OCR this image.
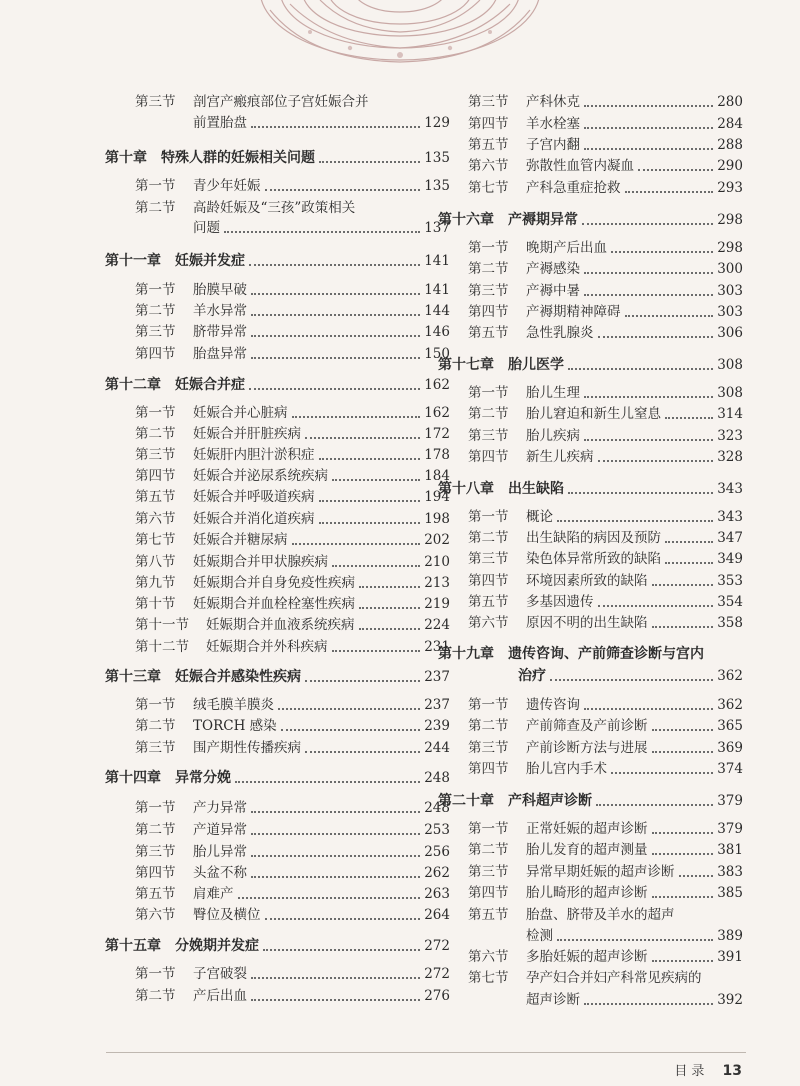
第三节 剖宫产瘢痕部位子宫妊娠合并
前置胎盘	129
第十章 特殊人群的妊娠相关问题	135
第一节 青少年妊娠	135
第二节 高龄妊娠及“三孩”政策相关
问题	137
第十一章 妊娠并发症	141
第一节 胎膜早破	141
第二节 羊水异常	144
第三节 脐带异常	146
第四节 胎盘异常	150
第十二章 妊娠合并症	162
第一节 妊娠合并心脏病	162
第二节 妊娠合并肝脏疾病	172
第三节 妊娠肝内胆汁淤积症	178
第四节 妊娠合并泌尿系统疾病	184
第五节 妊娠合并呼吸道疾病	194
第六节 妊娠合并消化道疾病	198
第七节 妊娠合并糖尿病	202
第八节 妊娠期合并甲状腺疾病	210
第九节 妊娠期合并自身免疫性疾病	213
第十节 妊娠期合并血栓栓塞性疾病	219
第十一节 妊娠期合并血液系统疾病	224
第十二节 妊娠期合并外科疾病	231
第十三章 妊娠合并感染性疾病	237
第一节 绒毛膜羊膜炎	237
第二节 TORCH 感染	239
第三节 围产期性传播疾病	244
第十四章 异常分娩	248
第一节 产力异常	248
第二节 产道异常	253
第三节 胎儿异常	256
第四节 头盆不称	262
第五节 肩难产	263
第六节 臀位及横位	264
第十五章 分娩期并发症	272
第一节 子宫破裂	272
第二节 产后出血	276
第三节 产科休克	280
第四节 羊水栓塞	284
第五节 子宫内翻	288
第六节 弥散性血管内凝血	290
第七节 产科急重症抢救	293
第十六章 产褥期异常	298
第一节 晚期产后出血	298
第二节 产褥感染	300
第三节 产褥中暑	303
第四节 产褥期精神障碍	303
第五节 急性乳腺炎	306
第十七章 胎儿医学	308
第一节 胎儿生理	308
第二节 胎儿窘迫和新生儿窒息	314
第三节 胎儿疾病	323
第四节 新生儿疾病	328
第十八章 出生缺陷	343
第一节 概论	343
第二节 出生缺陷的病因及预防	347
第三节 染色体异常所致的缺陷	349
第四节 环境因素所致的缺陷	353
第五节 多基因遗传	354
第六节 原因不明的出生缺陷	358
第十九章 遗传咨询、产前筛查诊断与宫内
治疗	362
第一节 遗传咨询	362
第二节 产前筛查及产前诊断	365
第三节 产前诊断方法与进展	369
第四节 胎儿宫内手术	374
第二十章 产科超声诊断	379
第一节 正常妊娠的超声诊断	379
第二节 胎儿发育的超声测量	381
第三节 异常早期妊娠的超声诊断	383
第四节 胎儿畸形的超声诊断	385
第五节 胎盘、脐带及羊水的超声
检测	389
第六节 多胎妊娠的超声诊断	391
第七节 孕产妇合并妇产科常见疾病的
超声诊断	392
目录 13
